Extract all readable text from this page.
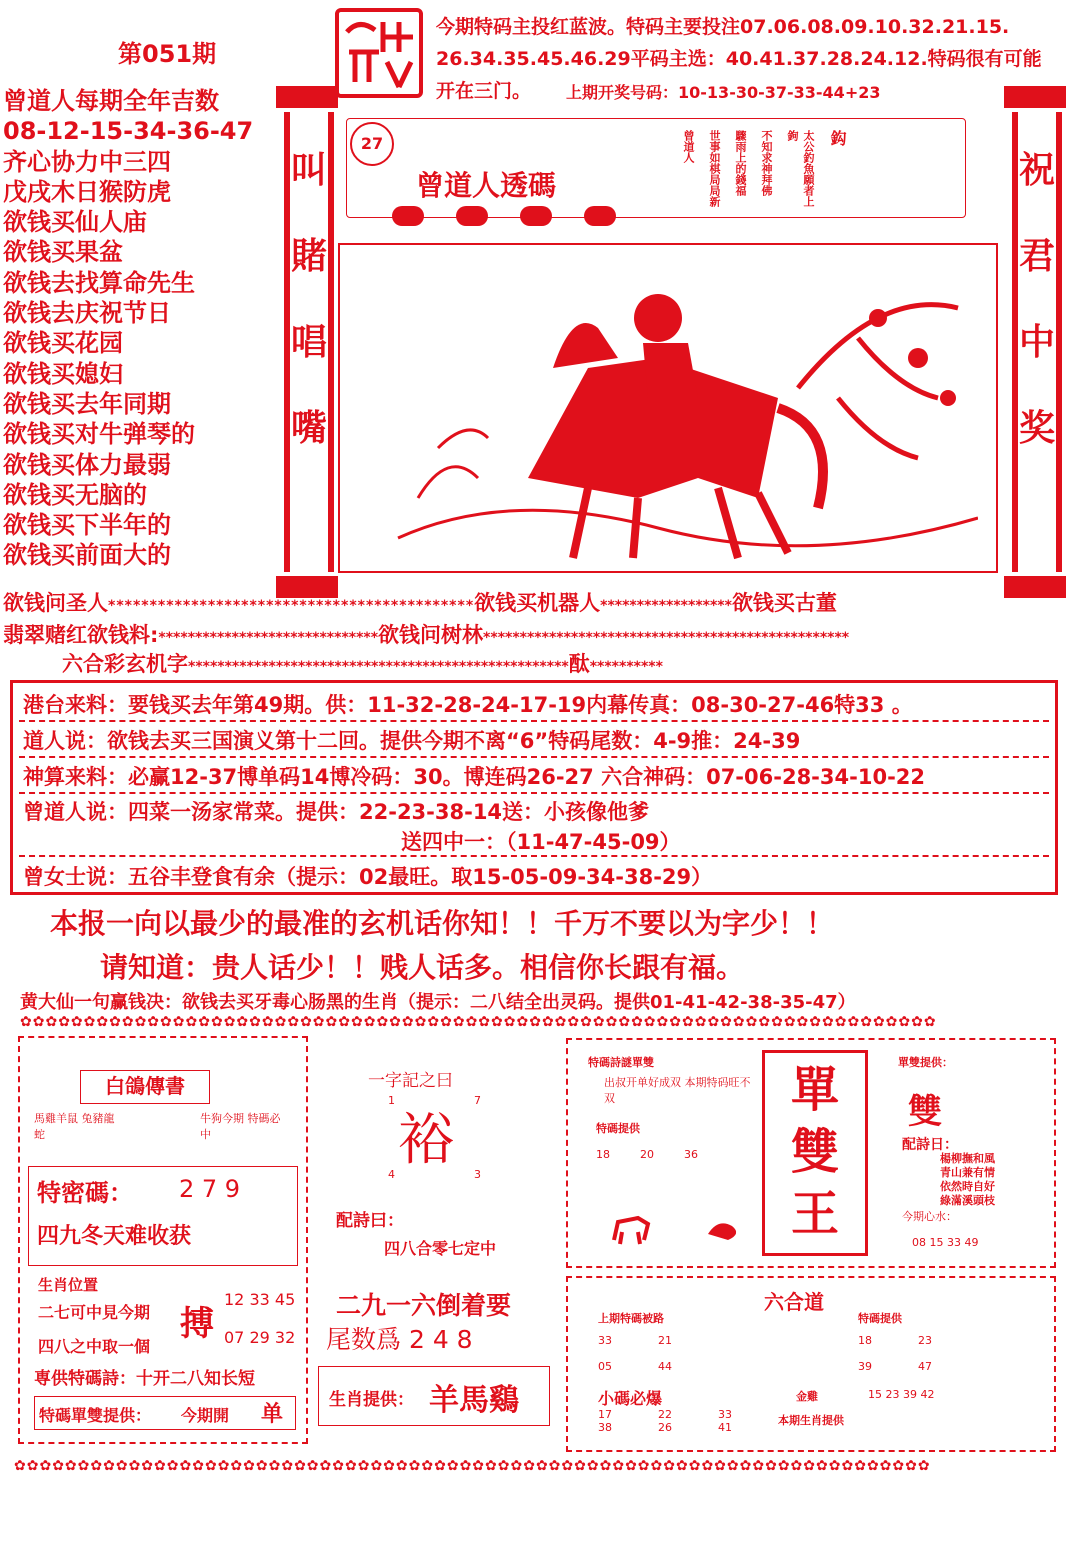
第051期
今期特码主投红蓝波。特码主要投注07.06.08.09.10.32.21.15.
26.34.35.45.46.29平码主选：40.41.37.28.24.12.特码很有可能
开在三门。 上期开奖号码：10-13-30-37-33-44+23
曾道人每期全年吉数
08-12-15-34-36-47
齐心协力中三四
戊戌木日猴防虎
欲钱买仙人庙
欲钱买果盆
欲钱去找算命先生
欲钱去庆祝节日
欲钱买花园
欲钱买媳妇
欲钱买去年同期
欲钱买对牛弹琴的
欲钱买体力最弱
欲钱买无脑的
欲钱买下半年的
欲钱买前面大的
叫
賭
唱
嘴
祝
君
中
奖
27
曾道人透碼
15	23	34	47
曾道人 世事如棋局局新 驟雨上的錢福 不知求神拜佛	太公釣魚願者上鉤	鈎
欲钱问圣人********************************************欲钱买机器人******************欲钱买古董
翡翠赌红欲钱料:******************************欲钱问树林**************************************************
六合彩玄机字****************************************************酞**********
港台来料：要钱买去年第49期。供：11-32-28-24-17-19内幕传真：08-30-27-46特33 。
道人说：欲钱去买三国演义第十二回。提供今期不离“6”特码尾数：4-9推：24-39
神算来料：必赢12-37博单码14博冷码：30。博连码26-27 六合神码：07-06-28-34-10-22
曾道人说：四菜一汤家常菜。提供：22-23-38-14送：小孩像他爹
送四中一：（11-47-45-09）
曾女士说：五谷丰登食有余（提示：02最旺。取15-05-09-34-38-29）
本报一向以最少的最准的玄机话你知！！千万不要以为字少！！
请知道：贵人话少！！贱人话多。相信你长跟有福。
黄大仙一句赢钱决：欲钱去买牙毒心肠黑的生肖（提示：二八结全出灵码。提供01-41-42-38-35-47）
✿✿✿✿✿✿✿✿✿✿✿✿✿✿✿✿✿✿✿✿✿✿✿✿✿✿✿✿✿✿✿✿✿✿✿✿✿✿✿✿✿✿✿✿✿✿✿✿✿✿✿✿✿✿✿✿✿✿✿✿✿✿✿✿✿✿✿✿✿✿✿✿
白鴿傳書
馬雞羊鼠 兔豬龍蛇
牛狗今期 特碼必中
特密碼： 2 7 9
四九冬天难收获
生肖位置
二七可中見今期
四八之中取一個
搏
12 33 45
07 29 32
専供特碼詩：十开二八知长短
特碼單雙提供： 今期開 单
一字記之曰
裕
1	7
4	3
配詩曰：
四八合零七定中
二九一六倒着要
尾数爲 2 4 8
生肖提供： 羊馬鷄
特碼詩謎單雙
出叔开单好成双 本期特码旺不双
特碼提供
18	20	36
單
雙
王
單雙提供：
雙
配詩日：
楊柳撫和風
青山兼有情
依然時自好
綠滿溪頭枝
今期心水：
08 15 33 49
六合道
上期特碼被路
33	21

05	44
小碼必爆
17	22	33
38	26	41
特碼提供
18	23

39	47
金雞	15 23 39 42
本期生肖提供
✿✿✿✿✿✿✿✿✿✿✿✿✿✿✿✿✿✿✿✿✿✿✿✿✿✿✿✿✿✿✿✿✿✿✿✿✿✿✿✿✿✿✿✿✿✿✿✿✿✿✿✿✿✿✿✿✿✿✿✿✿✿✿✿✿✿✿✿✿✿✿✿
